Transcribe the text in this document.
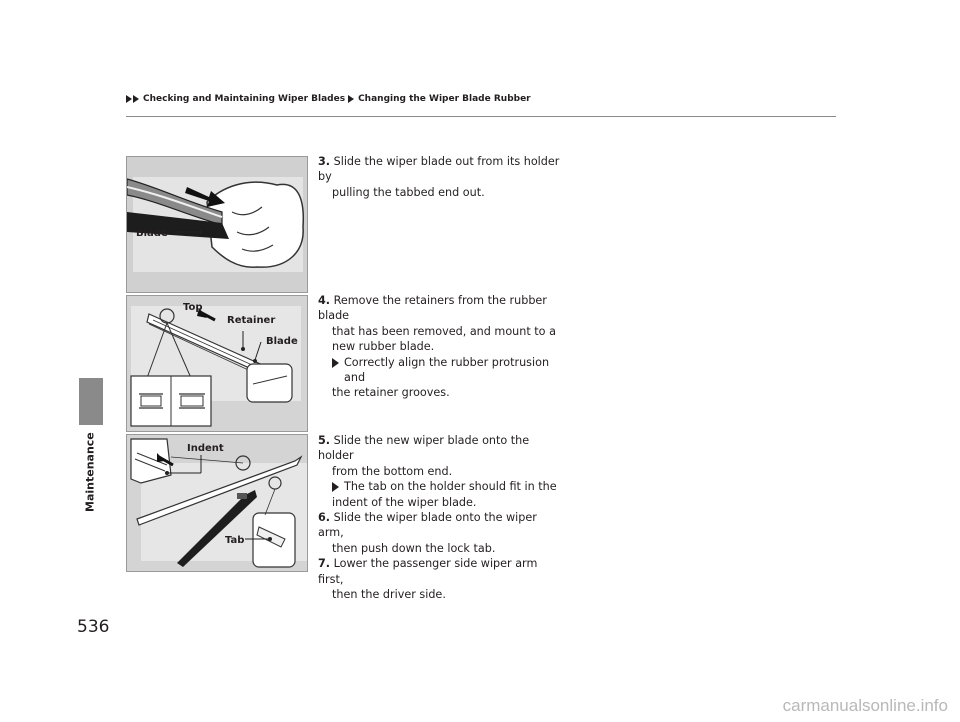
Checking and Maintaining Wiper Blades Changing the Wiper Blade Rubber
Maintenance
Blade
Top
Retainer
Blade
Indent
Tab
3. Slide the wiper blade out from its holder by
pulling the tabbed end out.
4. Remove the retainers from the rubber blade
that has been removed, and mount to a
new rubber blade.
Correctly align the rubber protrusion and
the retainer grooves.
5. Slide the new wiper blade onto the holder
from the bottom end.
The tab on the holder should fit in the
indent of the wiper blade.
6. Slide the wiper blade onto the wiper arm,
then push down the lock tab.
7. Lower the passenger side wiper arm first,
then the driver side.
536
carmanualsonline.info
